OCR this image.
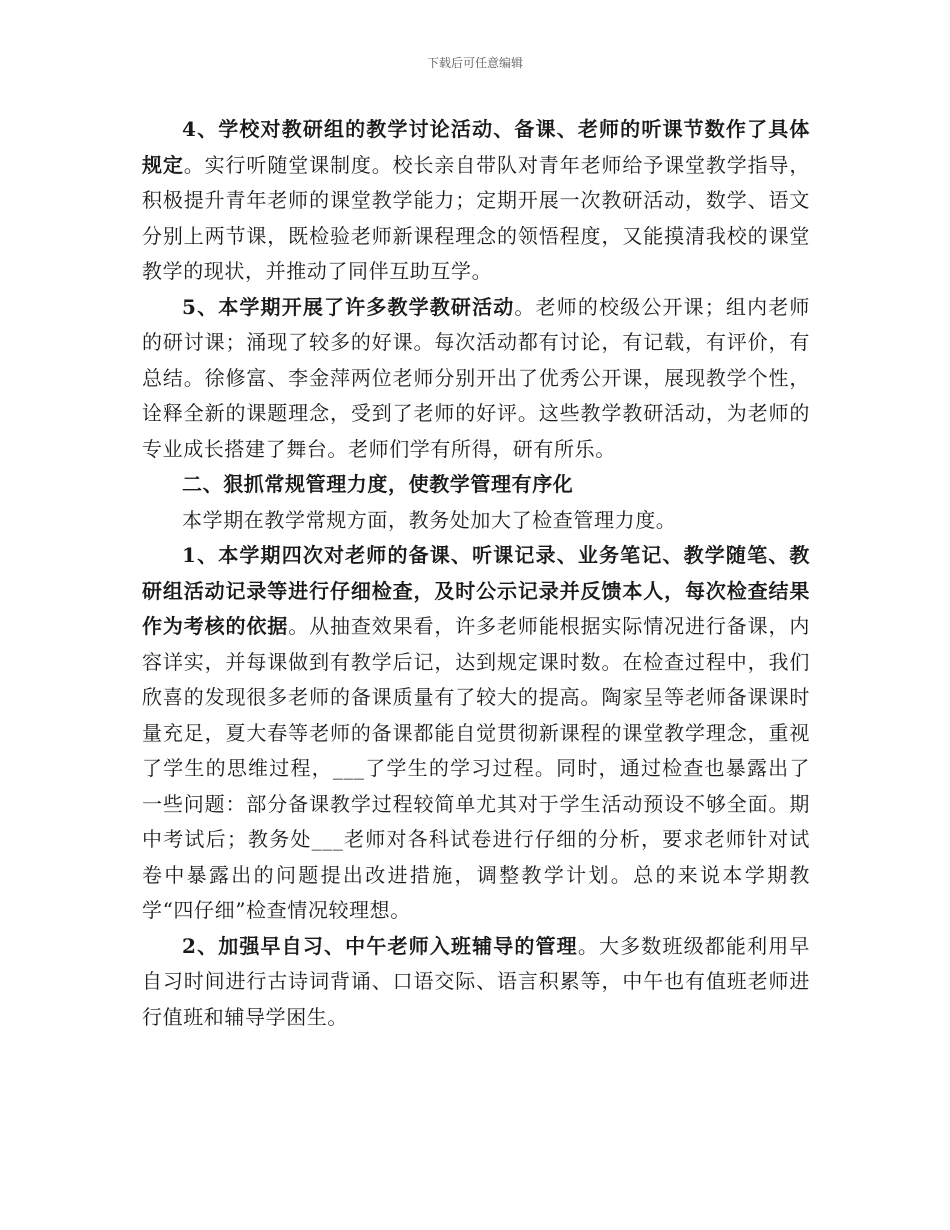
下载后可任意编辑

4、学校对教研组的教学讨论活动、备课、老师的听课节数作了具体规定。实行听随堂课制度。校长亲自带队对青年老师给予课堂教学指导，积极提升青年老师的课堂教学能力；定期开展一次教研活动，数学、语文分别上两节课，既检验老师新课程理念的领悟程度，又能摸清我校的课堂教学的现状，并推动了同伴互助互学。

5、本学期开展了许多教学教研活动。老师的校级公开课；组内老师的研讨课；涌现了较多的好课。每次活动都有讨论，有记载，有评价，有总结。徐修富、李金萍两位老师分别开出了优秀公开课，展现教学个性，诠释全新的课题理念，受到了老师的好评。这些教学教研活动，为老师的专业成长搭建了舞台。老师们学有所得，研有所乐。

二、狠抓常规管理力度，使教学管理有序化

本学期在教学常规方面，教务处加大了检查管理力度。

1、本学期四次对老师的备课、听课记录、业务笔记、教学随笔、教研组活动记录等进行仔细检查，及时公示记录并反馈本人，每次检查结果作为考核的依据。从抽查效果看，许多老师能根据实际情况进行备课，内容详实，并每课做到有教学后记，达到规定课时数。在检查过程中，我们欣喜的发现很多老师的备课质量有了较大的提高。陶家呈等老师备课课时量充足，夏大春等老师的备课都能自觉贯彻新课程的课堂教学理念，重视了学生的思维过程，___了学生的学习过程。同时，通过检查也暴露出了一些问题：部分备课教学过程较简单尤其对于学生活动预设不够全面。期中考试后；教务处___老师对各科试卷进行仔细的分析，要求老师针对试卷中暴露出的问题提出改进措施，调整教学计划。总的来说本学期教学“四仔细”检查情况较理想。

2、加强早自习、中午老师入班辅导的管理。大多数班级都能利用早自习时间进行古诗词背诵、口语交际、语言积累等，中午也有值班老师进行值班和辅导学困生。
